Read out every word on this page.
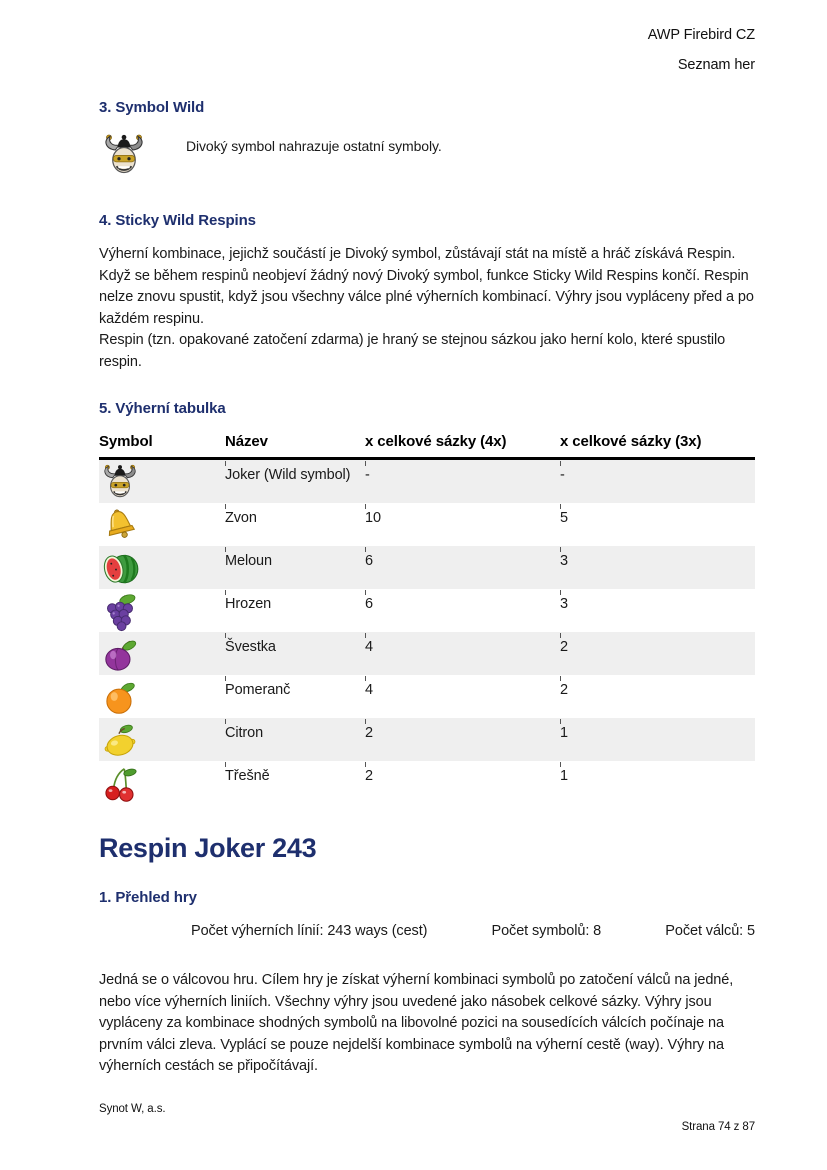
AWP Firebird CZ
Seznam her
3. Symbol Wild
Divoký symbol nahrazuje ostatní symboly.
4. Sticky Wild Respins
Výherní kombinace, jejichž součástí je Divoký symbol, zůstávají stát na místě a hráč získává Respin. Když se během respinů neobjeví žádný nový Divoký symbol, funkce Sticky Wild Respins končí. Respin nelze znovu spustit, když jsou všechny válce plné výherních kombinací. Výhry jsou vypláceny před a po každém respinu.
Respin (tzn. opakované zatočení zdarma) je hraný se stejnou sázkou jako herní kolo, které spustilo respin.
5. Výherní tabulka
Symbol	Název	x celkové sázky (4x)	x celkové sázky (3x)

	Joker (Wild symbol)	-	-

	Zvon	10	5

	Meloun	6	3

	Hrozen	6	3

	Švestka	4	2

	Pomeranč	4	2

	Citron	2	1

	Třešně	2	1
Respin Joker 243
1. Přehled hry
Počet výherních línií: 243 ways (cest)	Počet symbolů: 8	Počet válců: 5
Jedná se o válcovou hru. Cílem hry je získat výherní kombinaci symbolů po zatočení válců na jedné, nebo více výherních liniích. Všechny výhry jsou uvedené jako násobek celkové sázky. Výhry jsou vypláceny za kombinace shodných symbolů na libovolné pozici na sousedících válcích počínaje na prvním válci zleva. Vyplácí se pouze nejdelší kombinace symbolů na výherní cestě (way). Výhry na výherních cestách se připočítávají.
Synot W, a.s.
Strana 74 z 87
